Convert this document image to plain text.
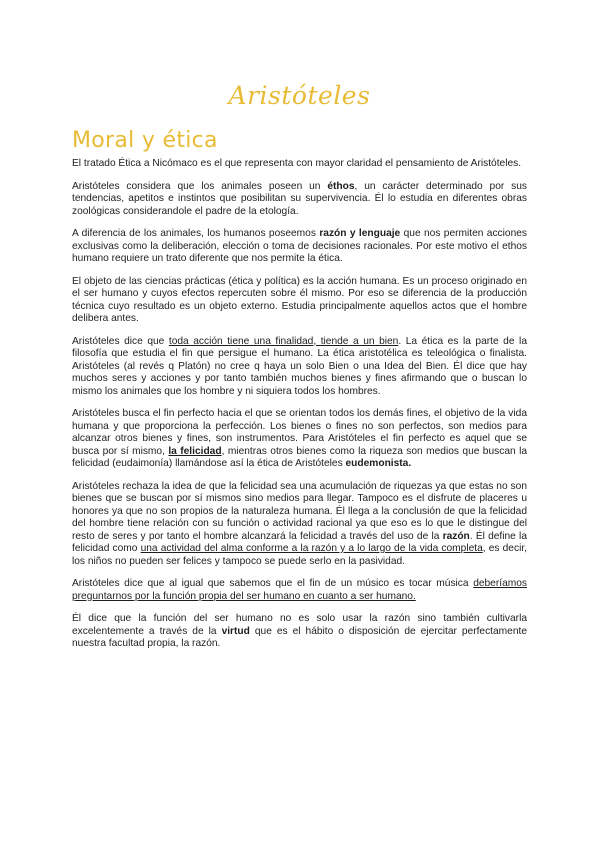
Aristóteles
Moral y ética

El tratado Ética a Nicómaco es el que representa con mayor claridad el pensamiento de Aristóteles.

Aristóteles considera que los animales poseen un éthos, un carácter determinado por sus tendencias, apetitos e instintos que posibilitan su supervivencia. Él lo estudia en diferentes obras zoológicas considerandole el padre de la etología.

A diferencia de los animales, los humanos poseemos razón y lenguaje que nos permiten acciones exclusivas como la deliberación, elección o toma de decisiones racionales. Por este motivo el ethos humano requiere un trato diferente que nos permite la ética.

El objeto de las ciencias prácticas (ética y política) es la acción humana. Es un proceso originado en el ser humano y cuyos efectos repercuten sobre él mismo. Por eso se diferencia de la producción técnica cuyo resultado es un objeto externo. Estudia principalmente aquellos actos que el hombre delibera antes.

Aristóteles dice que toda acción tiene una finalidad, tiende a un bien. La ética es la parte de la filosofía que estudia el fin que persigue el humano. La ética aristotélica es teleológica o finalista. Aristóteles (al revés q Platón) no cree q haya un solo Bien o una Idea del Bien. Él dice que hay muchos seres y acciones y por tanto también muchos bienes y fines afirmando que o buscan lo mismo los animales que los hombre y ni siquiera todos los hombres.

Aristóteles busca el fin perfecto hacia el que se orientan todos los demás fines, el objetivo de la vida humana y que proporciona la perfección. Los bienes o fines no son perfectos, son medios para alcanzar otros bienes y fines, son instrumentos. Para Aristóteles el fin perfecto es aquel que se busca por sí mismo, la felicidad, mientras otros bienes como la riqueza son medios que buscan la felicidad (eudaimonía) llamándose así la ética de Aristóteles eudemonista.

Aristóteles rechaza la idea de que la felicidad sea una acumulación de riquezas ya que estas no son bienes que se buscan por sí mismos sino medios para llegar. Tampoco es el disfrute de placeres u honores ya que no son propios de la naturaleza humana. Él llega a la conclusión de que la felicidad del hombre tiene relación con su función o actividad racional ya que eso es lo que le distingue del resto de seres y por tanto el hombre alcanzará la felicidad a través del uso de la razón. Él define la felicidad como una actividad del alma conforme a la razón y a lo largo de la vida completa, es decir, los niños no pueden ser felices y tampoco se puede serlo en la pasividad.

Aristóteles dice que al igual que sabemos que el fin de un músico es tocar música deberíamos preguntarnos por la función propia del ser humano en cuanto a ser humano.

Él dice que la función del ser humano no es solo usar la razón sino también cultivarla excelentemente a través de la virtud que es el hábito o disposición de ejercitar perfectamente nuestra facultad propia, la razón.
